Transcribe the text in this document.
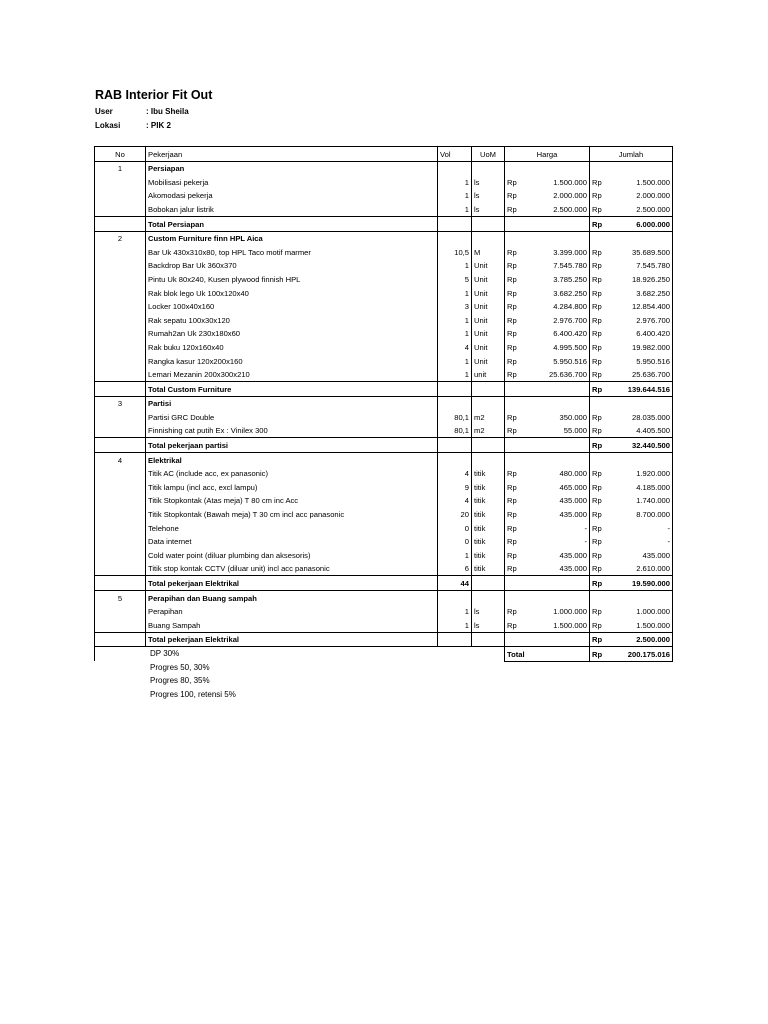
RAB Interior Fit Out
User	: Ibu Sheila
Lokasi	: PIK 2
No	Pekerjaan	Vol	UoM	Harga		Jumlah	
1	Persiapan						
	Mobilisasi pekerja	1	ls	Rp	1.500.000	Rp	1.500.000
	Akomodasi pekerja	1	ls	Rp	2.000.000	Rp	2.000.000
	Bobokan jalur listrik	1	ls	Rp	2.500.000	Rp	2.500.000
	Total Persiapan					Rp	6.000.000
2	Custom Furniture finn HPL Aica						
	Bar Uk 430x310x80, top HPL Taco motif marmer	10,5	M	Rp	3.399.000	Rp	35.689.500
	Backdrop Bar Uk 360x370	1	Unit	Rp	7.545.780	Rp	7.545.780
	Pintu Uk 80x240, Kusen plywood finnish HPL	5	Unit	Rp	3.785.250	Rp	18.926.250
	Rak blok lego Uk 100x120x40	1	Unit	Rp	3.682.250	Rp	3.682.250
	Locker 100x40x160	3	Unit	Rp	4.284.800	Rp	12.854.400
	Rak sepatu 100x30x120	1	Unit	Rp	2.976.700	Rp	2.976.700
	Rumah2an Uk 230x180x60	1	Unit	Rp	6.400.420	Rp	6.400.420
	Rak buku 120x160x40	4	Unit	Rp	4.995.500	Rp	19.982.000
	Rangka kasur 120x200x160	1	Unit	Rp	5.950.516	Rp	5.950.516
	Lemari Mezanin 200x300x210	1	unit	Rp	25.636.700	Rp	25.636.700
	Total Custom Furniture					Rp	139.644.516
3	Partisi						
	Partisi GRC Double	80,1	m2	Rp	350.000	Rp	28.035.000
	Finnishing cat putih Ex : Vinilex 300	80,1	m2	Rp	55.000	Rp	4.405.500
	Total pekerjaan partisi					Rp	32.440.500
4	Elektrikal						
	Titik AC (include acc, ex panasonic)	4	titik	Rp	480.000	Rp	1.920.000
	Titik lampu (incl acc, excl lampu)	9	titik	Rp	465.000	Rp	4.185.000
	Titik Stopkontak (Atas meja) T 80 cm inc Acc	4	titik	Rp	435.000	Rp	1.740.000
	Titik Stopkontak (Bawah meja) T 30 cm incl acc panasonic	20	titik	Rp	435.000	Rp	8.700.000
	Telehone	0	titik	Rp	-	Rp	-
	Data internet	0	titik	Rp	-	Rp	-
	Cold water point (diluar plumbing dan aksesoris)	1	titik	Rp	435.000	Rp	435.000
	Titik stop kontak CCTV (diluar unit) incl acc panasonic	6	titik	Rp	435.000	Rp	2.610.000
	Total pekerjaan Elektrikal	44				Rp	19.590.000
5	Perapihan dan Buang sampah						
	Perapihan	1	ls	Rp	1.000.000	Rp	1.000.000
	Buang Sampah	1	ls	Rp	1.500.000	Rp	1.500.000
	Total pekerjaan Elektrikal					Rp	2.500.000
				Total		Rp	200.175.016
DP 30%
Progres 50, 30%
Progres 80, 35%
Progres 100, retensi 5%
